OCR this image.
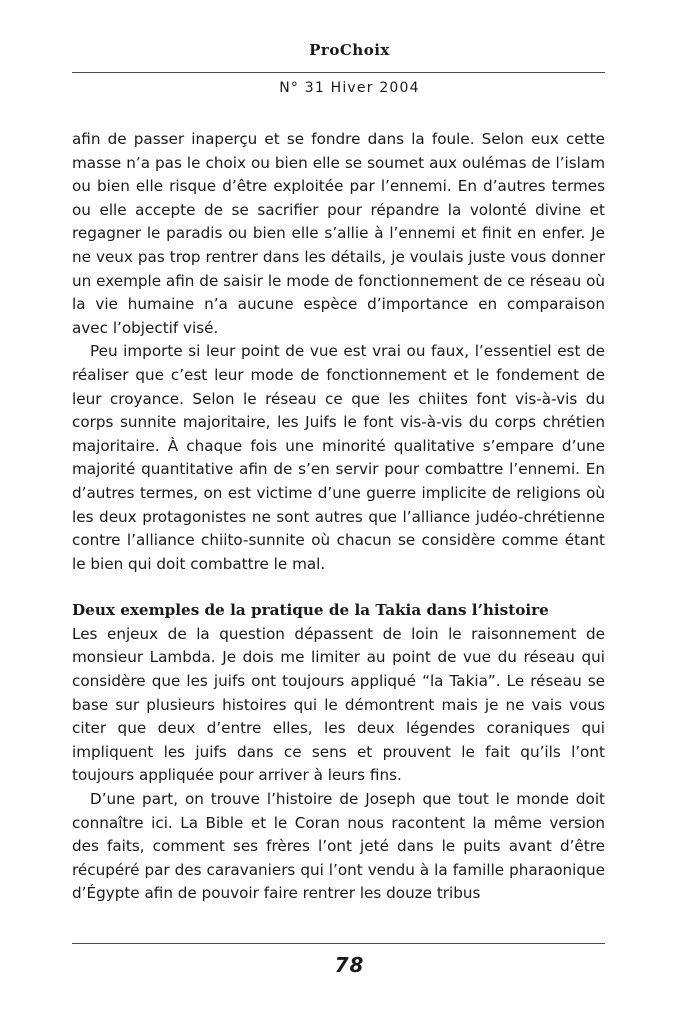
ProChoix
N° 31 Hiver 2004

afin de passer inaperçu et se fondre dans la foule. Selon eux cette masse n’a pas le choix ou bien elle se soumet aux oulémas de l’islam ou bien elle risque d’être exploitée par l’ennemi. En d’autres termes ou elle accepte de se sacrifier pour répandre la volonté divine et regagner le paradis ou bien elle s’allie à l’ennemi et finit en enfer. Je ne veux pas trop rentrer dans les détails, je voulais juste vous donner un exemple afin de saisir le mode de fonctionnement de ce réseau où la vie humaine n’a aucune espèce d’importance en comparaison avec l’objectif visé.

Peu importe si leur point de vue est vrai ou faux, l’essentiel est de réaliser que c’est leur mode de fonctionnement et le fondement de leur croyance. Selon le réseau ce que les chiites font vis-à-vis du corps sunnite majoritaire, les Juifs le font vis-à-vis du corps chrétien majoritaire. À chaque fois une minorité qualitative s’empare d’une majorité quantitative afin de s’en servir pour combattre l’ennemi. En d’autres termes, on est victime d’une guerre implicite de religions où les deux protagonistes ne sont autres que l’alliance judéo-chrétienne contre l’alliance chiito-sunnite où chacun se considère comme étant le bien qui doit combattre le mal.

Deux exemples de la pratique de la Takia dans l’histoire

Les enjeux de la question dépassent de loin le raisonnement de monsieur Lambda. Je dois me limiter au point de vue du réseau qui considère que les juifs ont toujours appliqué “la Takia”. Le réseau se base sur plusieurs histoires qui le démontrent mais je ne vais vous citer que deux d’entre elles, les deux légendes coraniques qui impliquent les juifs dans ce sens et prouvent le fait qu’ils l’ont toujours appliquée pour arriver à leurs fins.

D’une part, on trouve l’histoire de Joseph que tout le monde doit connaître ici. La Bible et le Coran nous racontent la même version des faits, comment ses frères l’ont jeté dans le puits avant d’être récupéré par des caravaniers qui l’ont vendu à la famille pharaonique d’Égypte afin de pouvoir faire rentrer les douze tribus

78
